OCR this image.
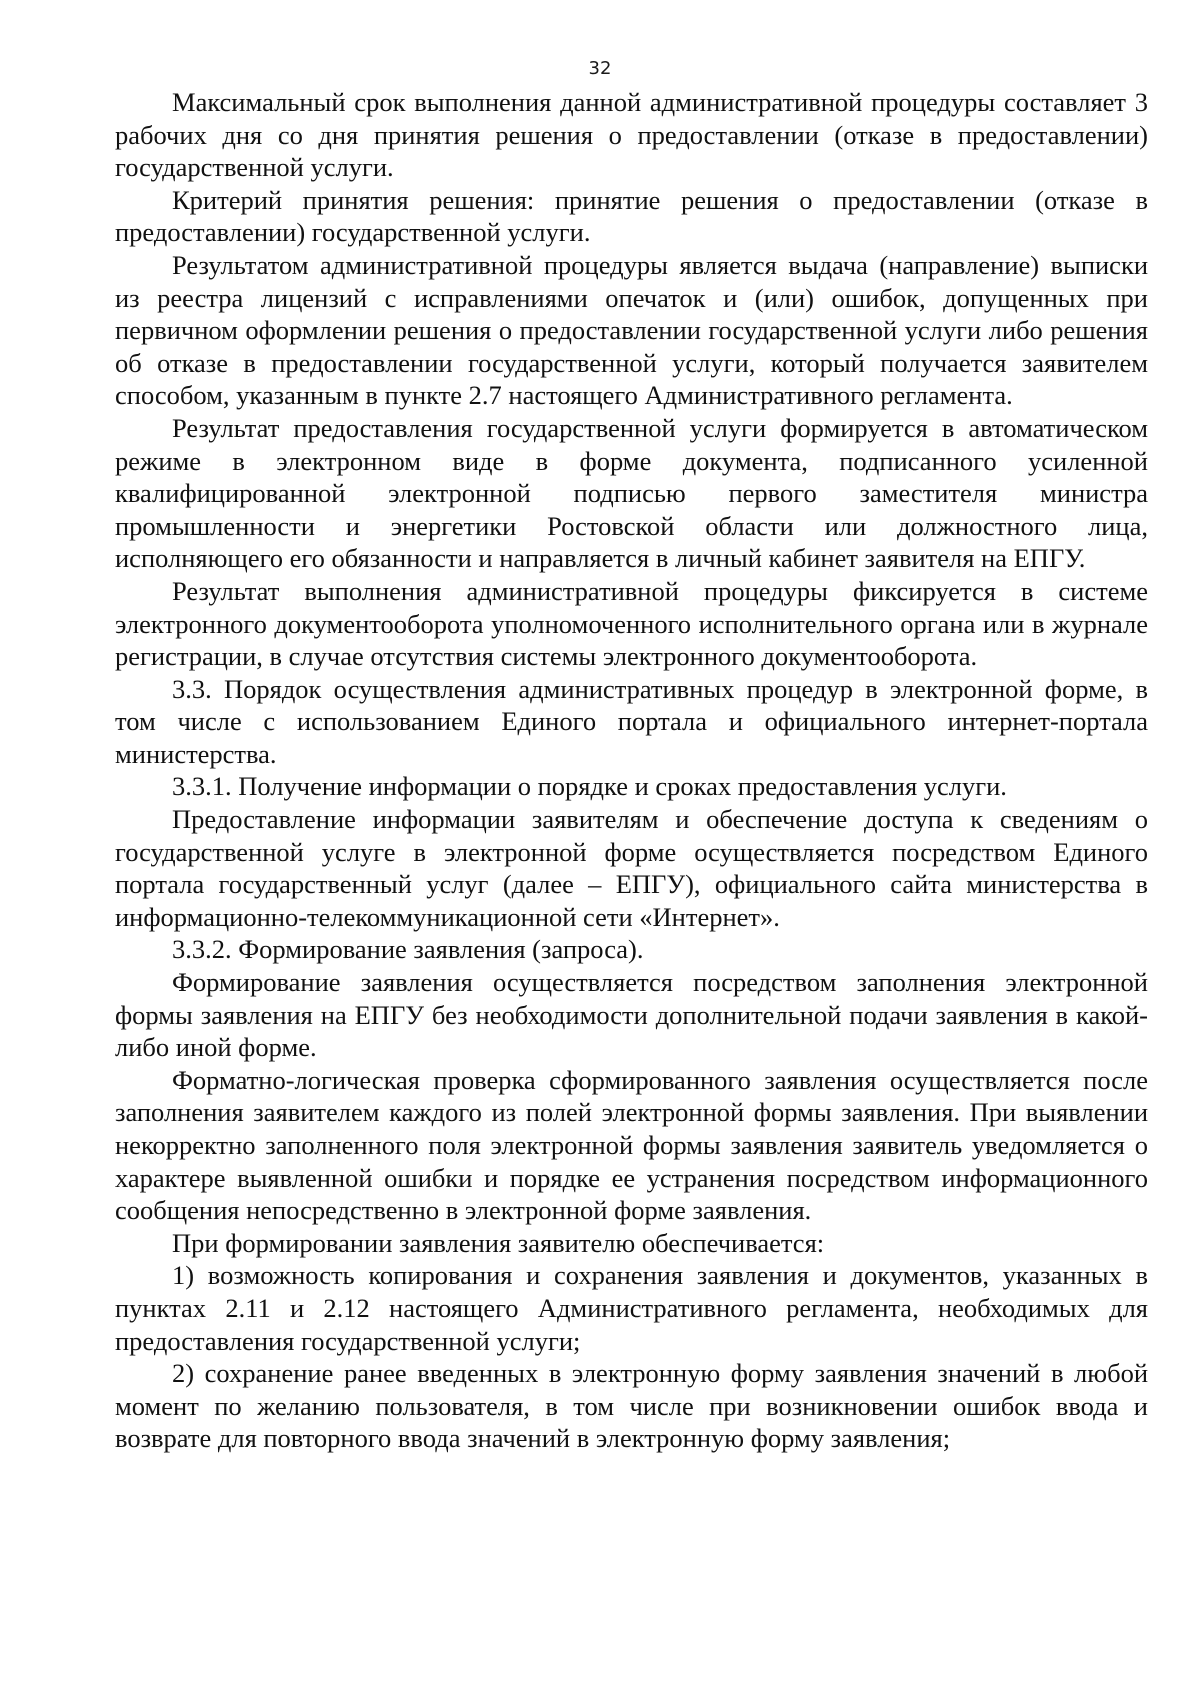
32

Максимальный срок выполнения данной административной процедуры составляет 3 рабочих дня со дня принятия решения о предоставлении (отказе в предоставлении) государственной услуги.

Критерий принятия решения: принятие решения о предоставлении (отказе в предоставлении) государственной услуги.

Результатом административной процедуры является выдача (направление) выписки из реестра лицензий с исправлениями опечаток и (или) ошибок, допущенных при первичном оформлении решения о предоставлении государственной услуги либо решения об отказе в предоставлении государственной услуги, который получается заявителем способом, указанным в пункте 2.7 настоящего Административного регламента.

Результат предоставления государственной услуги формируется в автоматическом режиме в электронном виде в форме документа, подписанного усиленной квалифицированной электронной подписью первого заместителя министра промышленности и энергетики Ростовской области или должностного лица, исполняющего его обязанности и направляется в личный кабинет заявителя на ЕПГУ.

Результат выполнения административной процедуры фиксируется в системе электронного документооборота уполномоченного исполнительного органа или в журнале регистрации, в случае отсутствия системы электронного документооборота.

3.3. Порядок осуществления административных процедур в электронной форме, в том числе с использованием Единого портала и официального интернет-портала министерства.

3.3.1. Получение информации о порядке и сроках предоставления услуги.

Предоставление информации заявителям и обеспечение доступа к сведениям о государственной услуге в электронной форме осуществляется посредством Единого портала государственный услуг (далее – ЕПГУ), официального сайта министерства в информационно-телекоммуникационной сети «Интернет».

3.3.2. Формирование заявления (запроса).

Формирование заявления осуществляется посредством заполнения электронной формы заявления на ЕПГУ без необходимости дополнительной подачи заявления в какой-либо иной форме.

Форматно-логическая проверка сформированного заявления осуществляется после заполнения заявителем каждого из полей электронной формы заявления. При выявлении некорректно заполненного поля электронной формы заявления заявитель уведомляется о характере выявленной ошибки и порядке ее устранения посредством информационного сообщения непосредственно в электронной форме заявления.

При формировании заявления заявителю обеспечивается:

1) возможность копирования и сохранения заявления и документов, указанных в пунктах 2.11 и 2.12 настоящего Административного регламента, необходимых для предоставления государственной услуги;

2) сохранение ранее введенных в электронную форму заявления значений в любой момент по желанию пользователя, в том числе при возникновении ошибок ввода и возврате для повторного ввода значений в электронную форму заявления;
